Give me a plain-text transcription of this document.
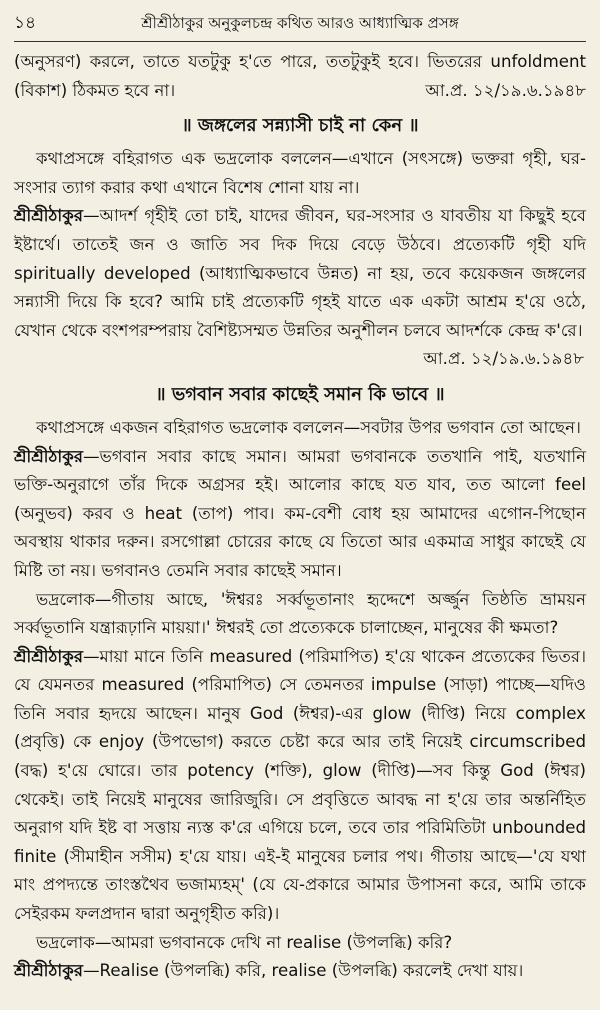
১৪	শ্রীশ্রীঠাকুর অনুকুলচন্দ্র কথিত আরও আধ্যাত্মিক প্রসঙ্গ

(অনুসরণ) করলে, তাতে যতটুকু হ'তে পারে, ততটুকুই হবে। ভিতরের unfoldment (বিকাশ) ঠিকমত হবে না।	আ.প্র. ১২/১৯.৬.১৯৪৮

॥ জঙ্গলের সন্ন্যাসী চাই না কেন ॥

কথাপ্রসঙ্গে বহিরাগত এক ভদ্রলোক বললেন—এখানে (সৎসঙ্গে) ভক্তরা গৃহী, ঘর-সংসার ত্যাগ করার কথা এখানে বিশেষ শোনা যায় না।

শ্রীশ্রীঠাকুর—আদর্শ গৃহীই তো চাই, যাদের জীবন, ঘর-সংসার ও যাবতীয় যা কিছুই হবে ইষ্টার্থে। তাতেই জন ও জাতি সব দিক দিয়ে বেড়ে উঠবে। প্রত্যেকটি গৃহী যদি spiritually developed (আধ্যাত্মিকভাবে উন্নত) না হয়, তবে কয়েকজন জঙ্গলের সন্ন্যাসী দিয়ে কি হবে? আমি চাই প্রত্যেকটি গৃহই যাতে এক একটা আশ্রম হ'য়ে ওঠে, যেখান থেকে বংশপরম্পরায় বৈশিষ্ট্যসম্মত উন্নতির অনুশীলন চলবে আদর্শকে কেন্দ্র ক'রে।

আ.প্র. ১২/১৯.৬.১৯৪৮

॥ ভগবান সবার কাছেই সমান কি ভাবে ॥

কথাপ্রসঙ্গে একজন বহিরাগত ভদ্রলোক বললেন—সবটার উপর ভগবান তো আছেন।

শ্রীশ্রীঠাকুর—ভগবান সবার কাছে সমান। আমরা ভগবানকে ততখানি পাই, যতখানি ভক্তি-অনুরাগে তাঁর দিকে অগ্রসর হই। আলোর কাছে যত যাব, তত আলো feel (অনুভব) করব ও heat (তাপ) পাব। কম-বেশী বোধ হয় আমাদের এগোন-পিছোন অবস্থায় থাকার দরুন। রসগোল্লা চোরের কাছে যে তিতো আর একমাত্র সাধুর কাছেই যে মিষ্টি তা নয়। ভগবানও তেমনি সবার কাছেই সমান।

ভদ্রলোক—গীতায় আছে, 'ঈশ্বরঃ সর্ব্বভূতানাং হৃদ্দেশে অর্জ্জুন তিষ্ঠতি ভ্রাময়ন সর্ব্বভূতানি যন্ত্রারূঢ়ানি মায়য়া।' ঈশ্বরই তো প্রত্যেককে চালাচ্ছেন, মানুষের কী ক্ষমতা?

শ্রীশ্রীঠাকুর—মায়া মানে তিনি measured (পরিমাপিত) হ'য়ে থাকেন প্রত্যেকের ভিতর। যে যেমনতর measured (পরিমাপিত) সে তেমনতর impulse (সাড়া) পাচ্ছে—যদিও তিনি সবার হৃদয়ে আছেন। মানুষ God (ঈশ্বর)-এর glow (দীপ্তি) নিয়ে complex (প্রবৃত্তি) কে enjoy (উপভোগ) করতে চেষ্টা করে আর তাই নিয়েই circumscribed (বদ্ধ) হ'য়ে ঘোরে। তার potency (শক্তি), glow (দীপ্তি)—সব কিন্তু God (ঈশ্বর) থেকেই। তাই নিয়েই মানুষের জারিজুরি। সে প্রবৃত্তিতে আবদ্ধ না হ'য়ে তার অন্তর্নিহিত অনুরাগ যদি ইষ্ট বা সত্তায় ন্যস্ত ক'রে এগিয়ে চলে, তবে তার পরিমিতিটা unbounded finite (সীমাহীন সসীম) হ'য়ে যায়। এই-ই মানুষের চলার পথ। গীতায় আছে—'যে যথা মাং প্রপদ্যন্তে তাংস্তথৈব ভজাম্যহম্' (যে যে-প্রকারে আমার উপাসনা করে, আমি তাকে সেইরকম ফলপ্রদান দ্বারা অনুগৃহীত করি)।

ভদ্রলোক—আমরা ভগবানকে দেখি না realise (উপলব্ধি) করি?

শ্রীশ্রীঠাকুর—Realise (উপলব্ধি) করি, realise (উপলব্ধি) করলেই দেখা যায়।
